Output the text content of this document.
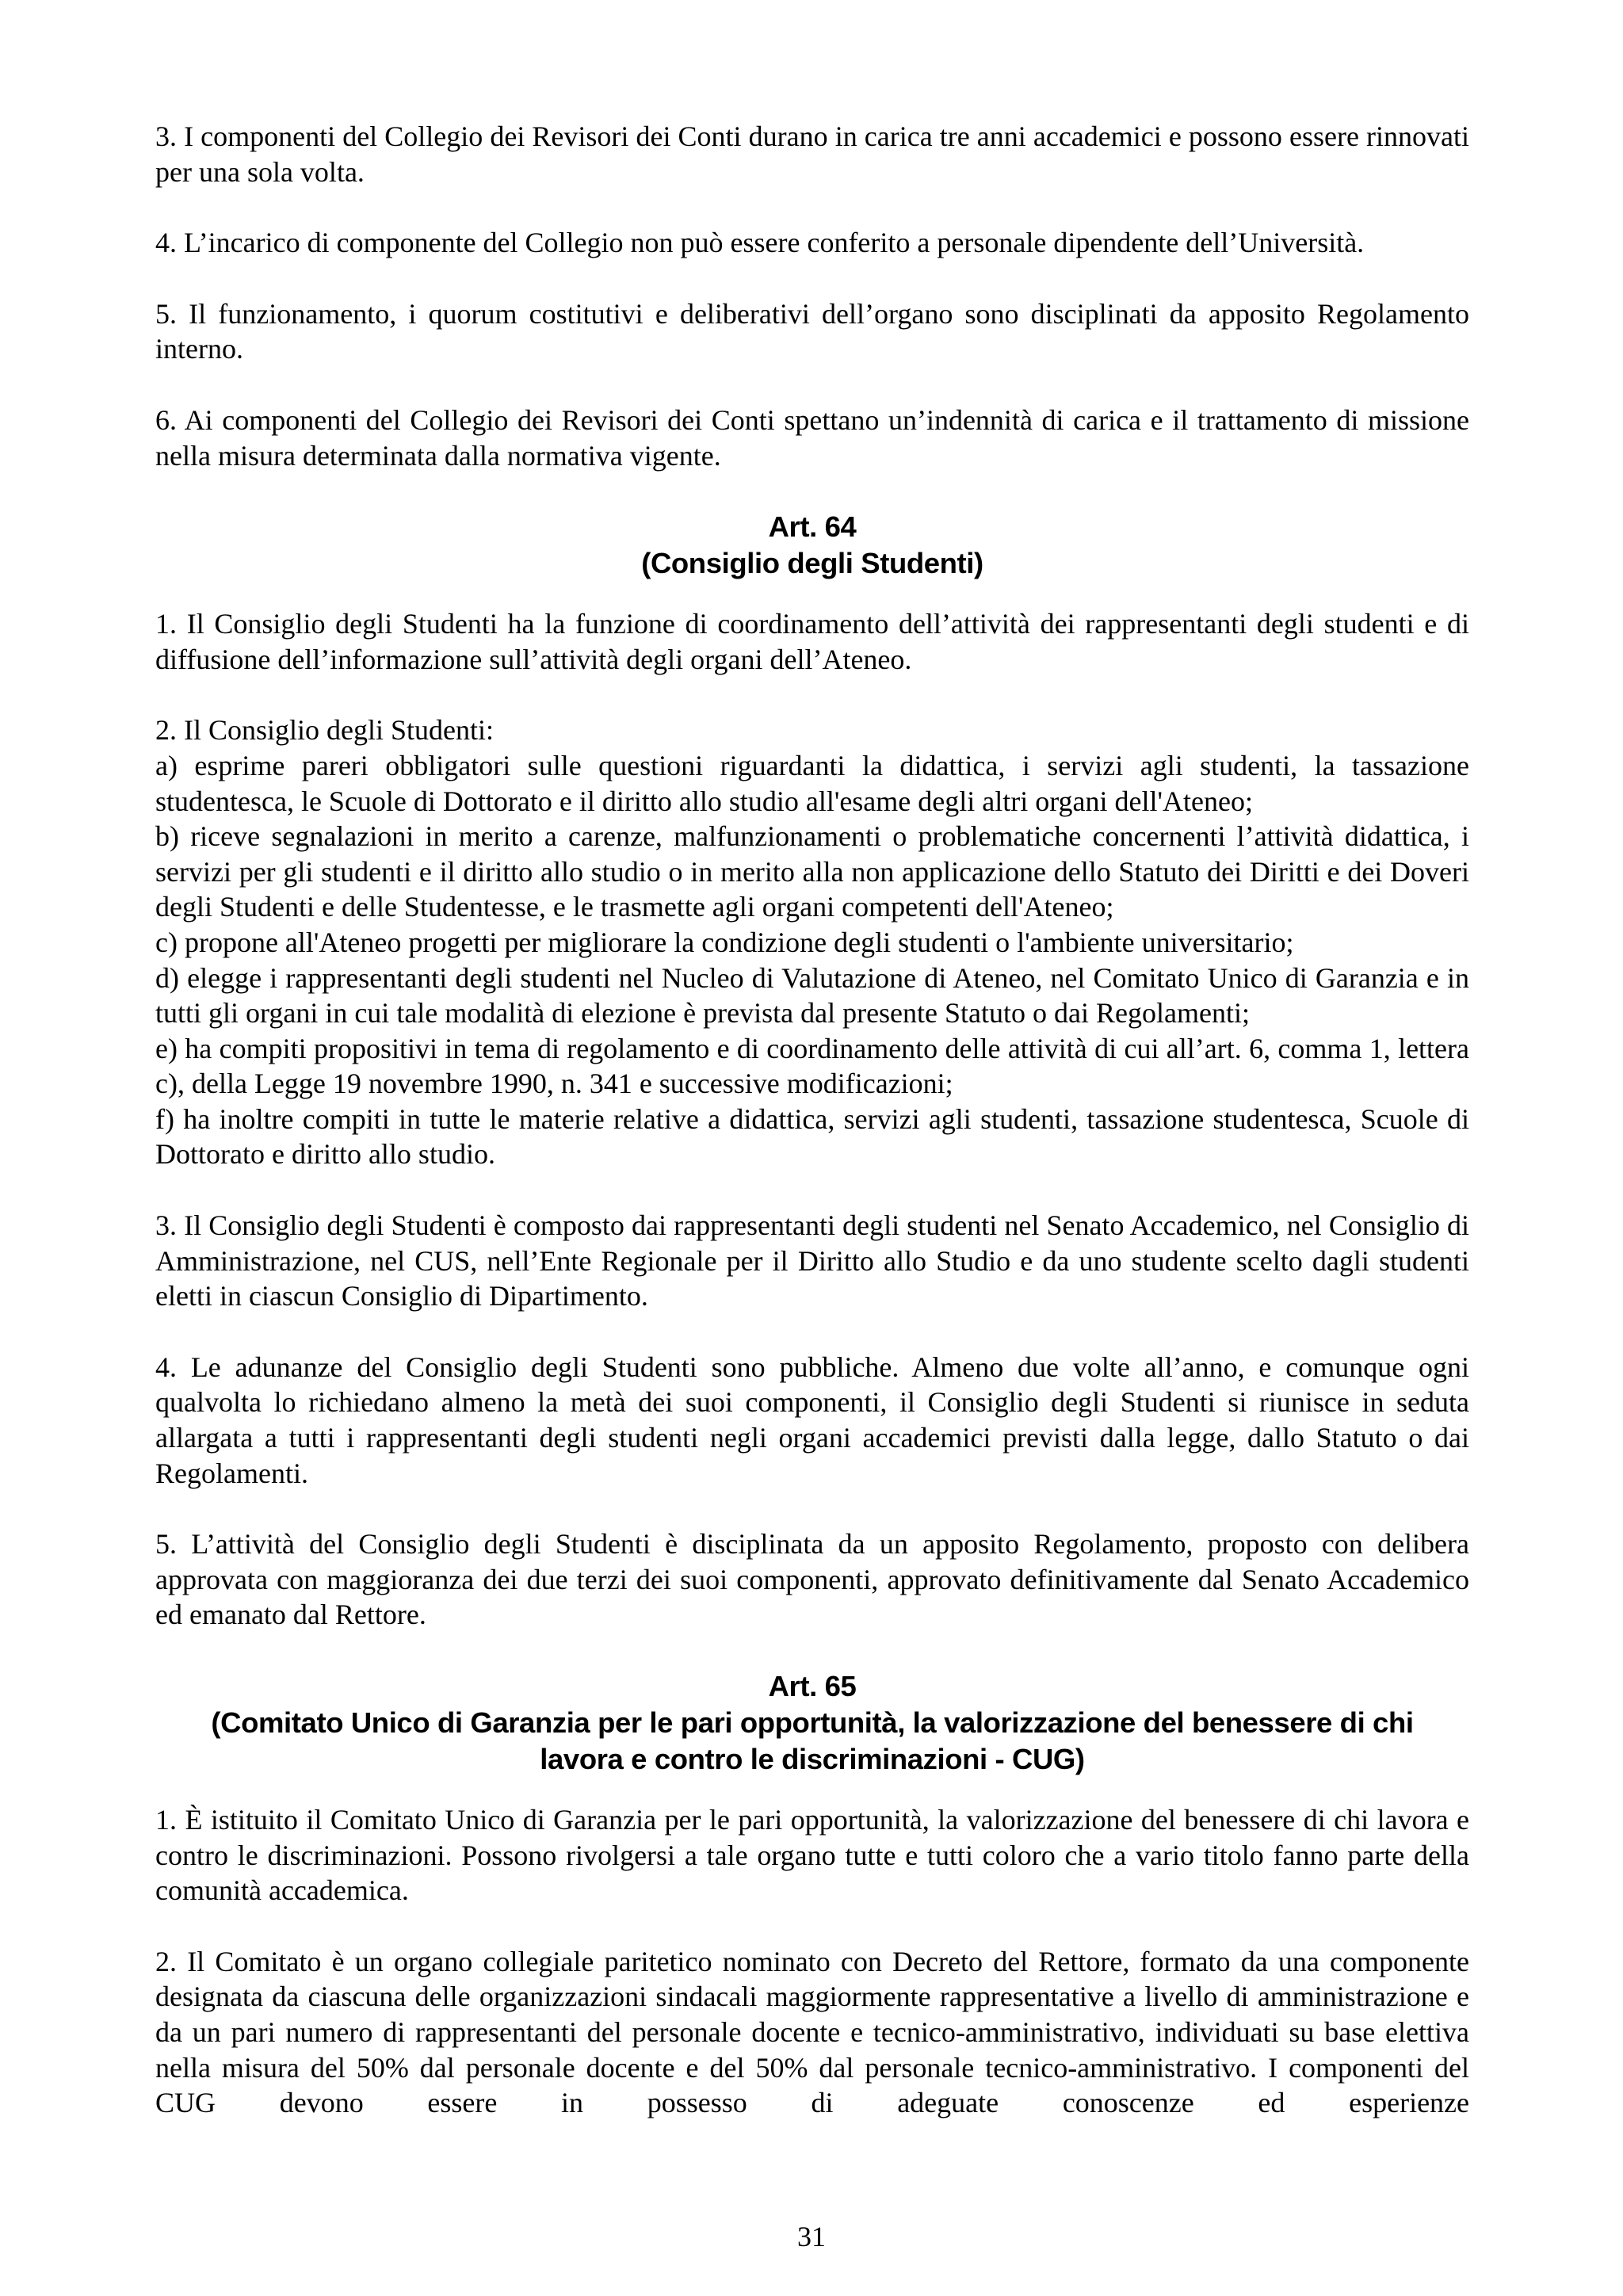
3. I componenti del Collegio dei Revisori dei Conti durano in carica tre anni accademici e possono essere rinnovati per una sola volta.

4. L’incarico di componente del Collegio non può essere conferito a personale dipendente dell’Università.

5. Il funzionamento, i quorum costitutivi e deliberativi dell’organo sono disciplinati da apposito Regolamento interno.

6. Ai componenti del Collegio dei Revisori dei Conti spettano un’indennità di carica e il trattamento di missione nella misura determinata dalla normativa vigente.

Art. 64

(Consiglio degli Studenti)

1. Il Consiglio degli Studenti ha la funzione di coordinamento dell’attività dei rappresentanti degli studenti e di diffusione dell’informazione sull’attività degli organi dell’Ateneo.

2. Il Consiglio degli Studenti:

a) esprime pareri obbligatori sulle questioni riguardanti la didattica, i servizi agli studenti, la tassazione studentesca, le Scuole di Dottorato e il diritto allo studio all'esame degli altri organi dell'Ateneo;

b) riceve segnalazioni in merito a carenze, malfunzionamenti o problematiche concernenti l’attività didattica, i servizi per gli studenti e il diritto allo studio o in merito alla non applicazione dello Statuto dei Diritti e dei Doveri degli Studenti e delle Studentesse, e le trasmette agli organi competenti dell'Ateneo;

c) propone all'Ateneo progetti per migliorare la condizione degli studenti o l'ambiente universitario;

d) elegge i rappresentanti degli studenti nel Nucleo di Valutazione di Ateneo, nel Comitato Unico di Garanzia e in tutti gli organi in cui tale modalità di elezione è prevista dal presente Statuto o dai Regolamenti;

e) ha compiti propositivi in tema di regolamento e di coordinamento delle attività di cui all’art. 6, comma 1, lettera c), della Legge 19 novembre 1990, n. 341 e successive modificazioni;

f) ha inoltre compiti in tutte le materie relative a didattica, servizi agli studenti, tassazione studentesca, Scuole di Dottorato e diritto allo studio.

3. Il Consiglio degli Studenti è composto dai rappresentanti degli studenti nel Senato Accademico, nel Consiglio di Amministrazione, nel CUS, nell’Ente Regionale per il Diritto allo Studio e da uno studente scelto dagli studenti eletti in ciascun Consiglio di Dipartimento.

4. Le adunanze del Consiglio degli Studenti sono pubbliche. Almeno due volte all’anno, e comunque ogni qualvolta lo richiedano almeno la metà dei suoi componenti, il Consiglio degli Studenti si riunisce in seduta allargata a tutti i rappresentanti degli studenti negli organi accademici previsti dalla legge, dallo Statuto o dai Regolamenti.

5. L’attività del Consiglio degli Studenti è disciplinata da un apposito Regolamento, proposto con delibera approvata con maggioranza dei due terzi dei suoi componenti, approvato definitivamente dal Senato Accademico ed emanato dal Rettore.

Art. 65

(Comitato Unico di Garanzia per le pari opportunità, la valorizzazione del benessere di chi

lavora e contro le discriminazioni - CUG)

1. È istituito il Comitato Unico di Garanzia per le pari opportunità, la valorizzazione del benessere di chi lavora e contro le discriminazioni. Possono rivolgersi a tale organo tutte e tutti coloro che a vario titolo fanno parte della comunità accademica.

2. Il Comitato è un organo collegiale paritetico nominato con Decreto del Rettore, formato da una componente designata da ciascuna delle organizzazioni sindacali maggiormente rappresentative a livello di amministrazione e da un pari numero di rappresentanti del personale docente e tecnico-amministrativo, individuati su base elettiva nella misura del 50% dal personale docente e del 50% dal personale tecnico-amministrativo. I componenti del CUG devono essere in possesso di adeguate conoscenze ed esperienze

31
